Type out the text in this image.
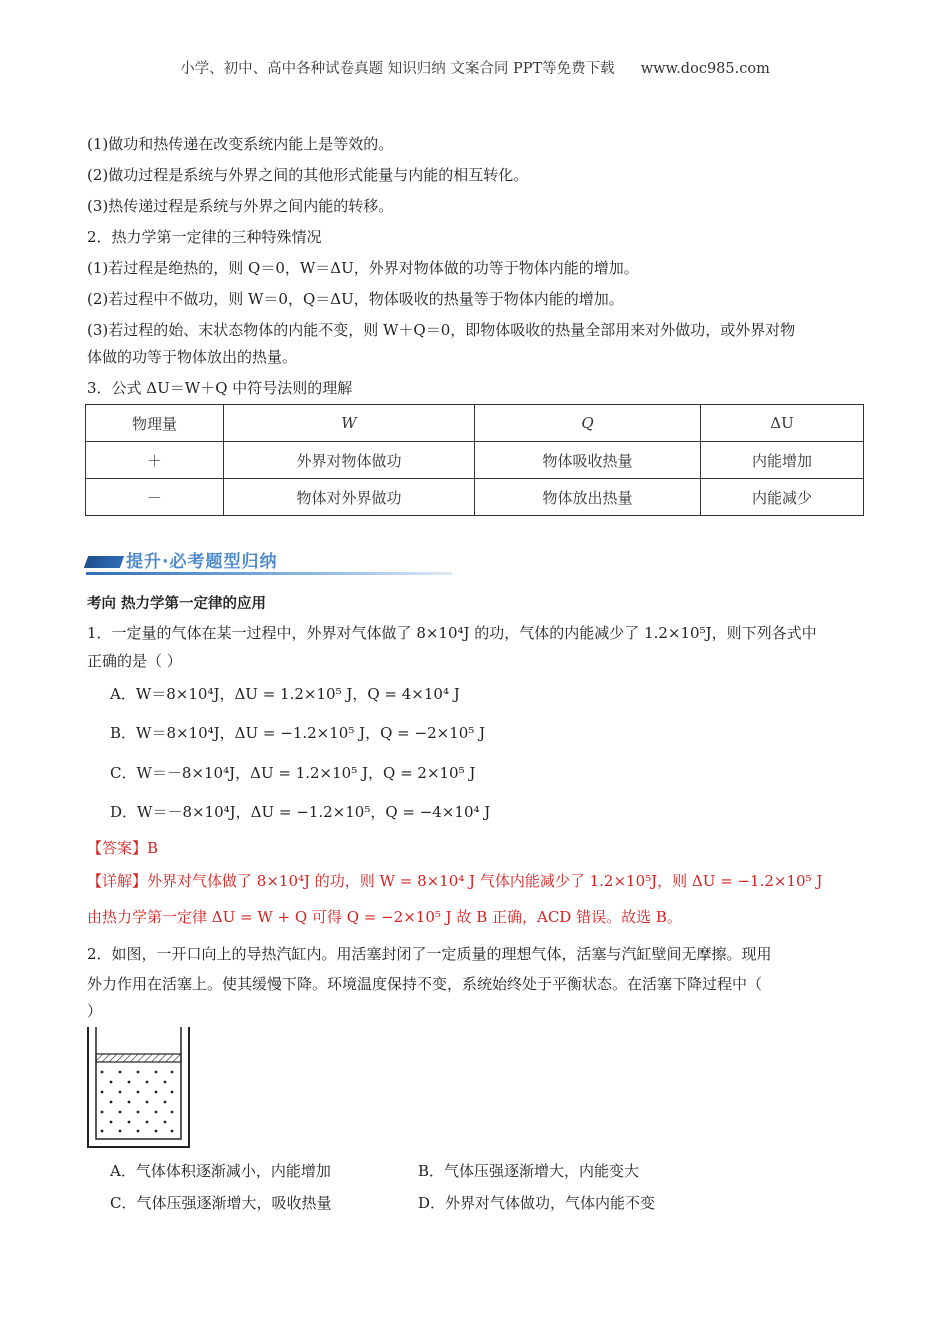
小学、初中、高中各种试卷真题 知识归纳 文案合同 PPT等免费下载 www.doc985.com
(1)做功和热传递在改变系统内能上是等效的。
(2)做功过程是系统与外界之间的其他形式能量与内能的相互转化。
(3)热传递过程是系统与外界之间内能的转移。
2．热力学第一定律的三种特殊情况
(1)若过程是绝热的，则 Q＝0，W＝ΔU，外界对物体做的功等于物体内能的增加。
(2)若过程中不做功，则 W＝0，Q＝ΔU，物体吸收的热量等于物体内能的增加。
(3)若过程的始、末状态物体的内能不变，则 W＋Q＝0，即物体吸收的热量全部用来对外做功，或外界对物
体做的功等于物体放出的热量。
3．公式 ΔU＝W＋Q 中符号法则的理解
物理量	W	Q	ΔU
＋	外界对物体做功	物体吸收热量	内能增加
－	物体对外界做功	物体放出热量	内能减少
提升·必考题型归纳
考向 热力学第一定律的应用
1．一定量的气体在某一过程中，外界对气体做了 8×10⁴J 的功，气体的内能减少了 1.2×10⁵J，则下列各式中
正确的是（ ）
A．W＝8×10⁴J，ΔU = 1.2×10⁵ J，Q = 4×10⁴ J
B．W＝8×10⁴J，ΔU = −1.2×10⁵ J，Q = −2×10⁵ J
C．W＝－8×10⁴J，ΔU = 1.2×10⁵ J，Q = 2×10⁵ J
D．W＝－8×10⁴J，ΔU = −1.2×10⁵，Q = −4×10⁴ J
【答案】B
【详解】外界对气体做了 8×10⁴J 的功，则 W = 8×10⁴ J 气体内能减少了 1.2×10⁵J，则 ΔU = −1.2×10⁵ J
由热力学第一定律 ΔU = W + Q 可得 Q = −2×10⁵ J 故 B 正确，ACD 错误。故选 B。
2．如图，一开口向上的导热汽缸内。用活塞封闭了一定质量的理想气体，活塞与汽缸壁间无摩擦。现用
外力作用在活塞上。使其缓慢下降。环境温度保持不变，系统始终处于平衡状态。在活塞下降过程中（
）
A．气体体积逐渐减小，内能增加	B．气体压强逐渐增大，内能变大
C．气体压强逐渐增大，吸收热量	D．外界对气体做功，气体内能不变
